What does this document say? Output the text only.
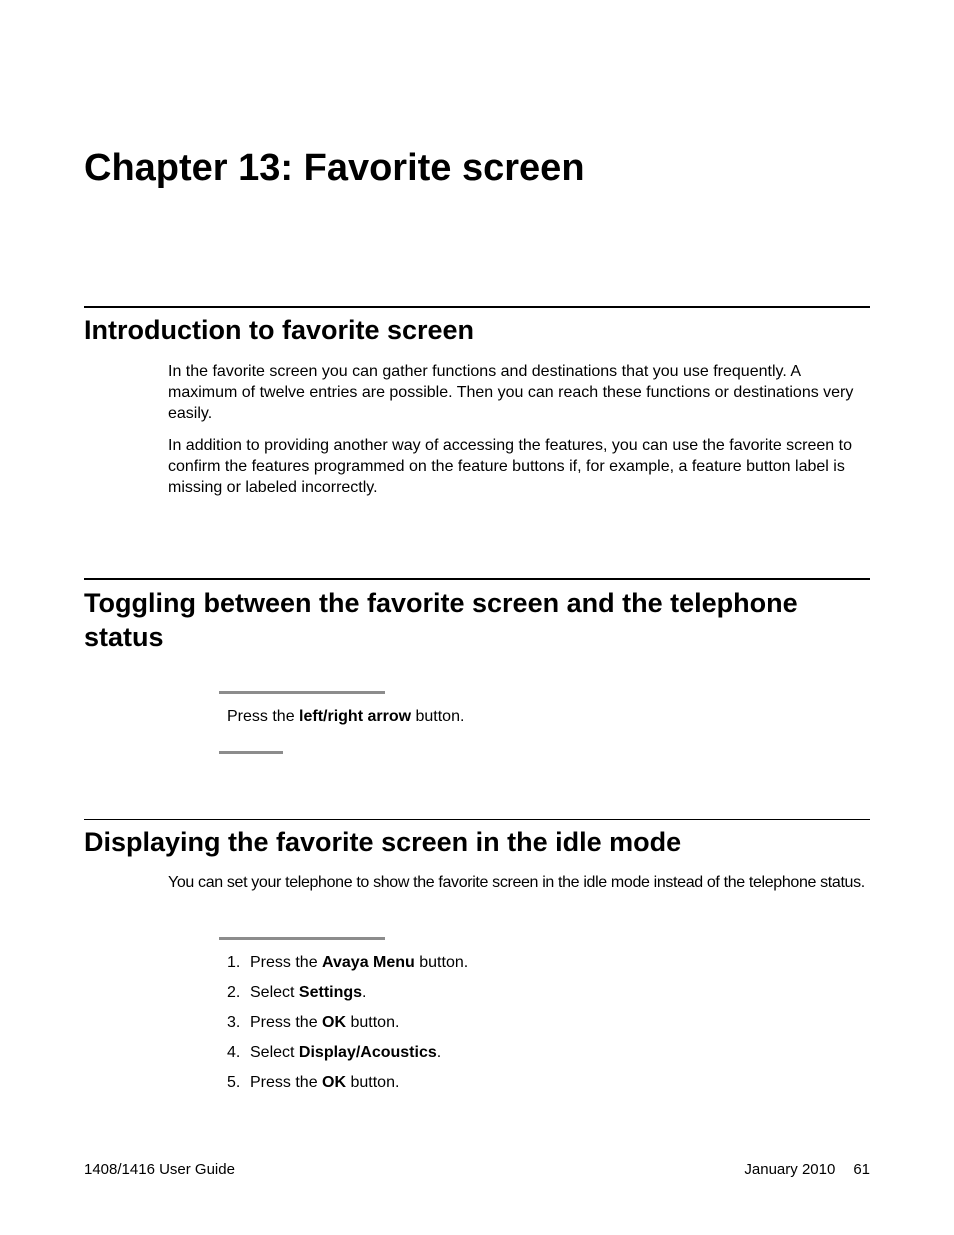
Chapter 13: Favorite screen
Introduction to favorite screen

In the favorite screen you can gather functions and destinations that you use frequently. A maximum of twelve entries are possible. Then you can reach these functions or destinations very easily.

In addition to providing another way of accessing the features, you can use the favorite screen to confirm the features programmed on the feature buttons if, for example, a feature button label is missing or labeled incorrectly.

Toggling between the favorite screen and the telephone status

Press the left/right arrow button.

Displaying the favorite screen in the idle mode

You can set your telephone to show the favorite screen in the idle mode instead of the telephone status.

1. Press the Avaya Menu button.
2. Select Settings.
3. Press the OK button.
4. Select Display/Acoustics.
5. Press the OK button.
1408/1416 User Guide	January 2010 61
